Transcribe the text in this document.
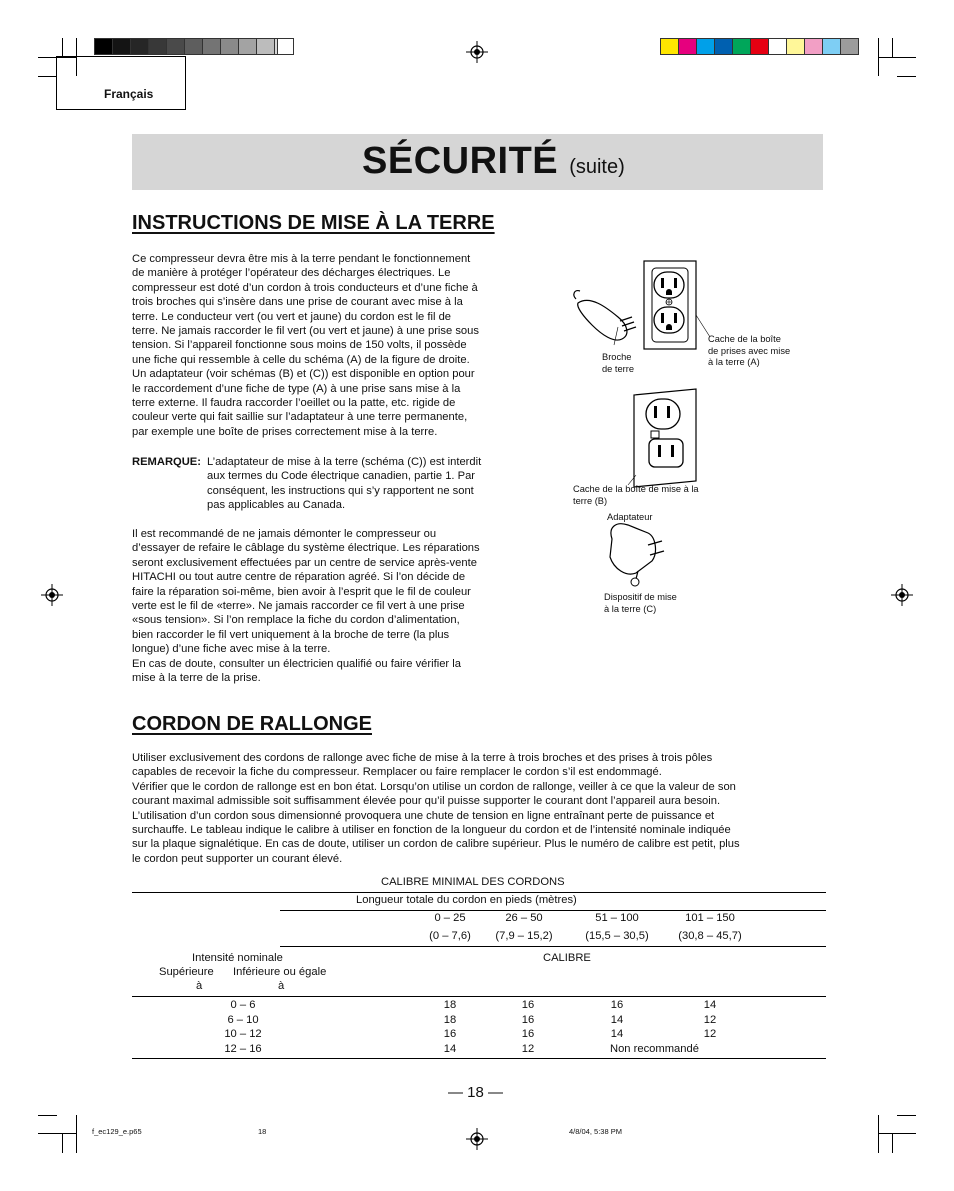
Français
SÉCURITÉ (suite)
INSTRUCTIONS DE MISE À LA TERRE
Ce compresseur devra être mis à la terre pendant le fonctionnement
de manière à protéger l’opérateur des décharges électriques. Le
compresseur est doté d’un cordon à trois conducteurs et d’une fiche à
trois broches qui s’insère dans une prise de courant avec mise à la
terre. Le conducteur vert (ou vert et jaune) du cordon est le fil de
terre. Ne jamais raccorder le fil vert (ou vert et jaune) à une prise sous
tension. Si l’appareil fonctionne sous moins de 150 volts, il possède
une fiche qui ressemble à celle du schéma (A) de la figure de droite.
Un adaptateur (voir schémas (B) et (C)) est disponible en option pour
le raccordement d’une fiche de type (A) à une prise sans mise à la
terre externe. Il faudra raccorder l’oeillet ou la patte, etc. rigide de
couleur verte qui fait saillie sur l’adaptateur à une terre permanente,
par exemple une boîte de prises correctement mise à la terre.
REMARQUE: L’adaptateur de mise à la terre (schéma (C)) est interdit
aux termes du Code électrique canadien, partie 1. Par
conséquent, les instructions qui s’y rapportent ne sont
pas applicables au Canada.
Il est recommandé de ne jamais démonter le compresseur ou
d’essayer de refaire le câblage du système électrique. Les réparations
seront exclusivement effectuées par un centre de service après-vente
HITACHI ou tout autre centre de réparation agréé. Si l’on décide de
faire la réparation soi-même, bien avoir à l’esprit que le fil de couleur
verte est le fil de «terre». Ne jamais raccorder ce fil vert à une prise
«sous tension». Si l’on remplace la fiche du cordon d’alimentation,
bien raccorder le fil vert uniquement à la broche de terre (la plus
longue) d’une fiche avec mise à la terre.
En cas de doute, consulter un électricien qualifié ou faire vérifier la
mise à la terre de la prise.
Broche
de terre
Cache de la boîte
de prises avec mise
à la terre (A)
Cache de la boîte de mise à la
terre (B)
Adaptateur
Dispositif de mise
à la terre (C)
CORDON DE RALLONGE
Utiliser exclusivement des cordons de rallonge avec fiche de mise à la terre à trois broches et des prises à trois pôles
capables de recevoir la fiche du compresseur. Remplacer ou faire remplacer le cordon s’il est endommagé.
Vérifier que le cordon de rallonge est en bon état. Lorsqu’on utilise un cordon de rallonge, veiller à ce que la valeur de son
courant maximal admissible soit suffisamment élevée pour qu’il puisse supporter le courant dont l’appareil aura besoin.
L’utilisation d’un cordon sous dimensionné provoquera une chute de tension en ligne entraînant perte de puissance et
surchauffe. Le tableau indique le calibre à utiliser en fonction de la longueur du cordon et de l’intensité nominale indiquée
sur la plaque signalétique. En cas de doute, utiliser un cordon de calibre supérieur. Plus le numéro de calibre est petit, plus
le cordon peut supporter un courant élevé.
CALIBRE MINIMAL DES CORDONS
Longueur totale du cordon en pieds (mètres)
0 – 25	26 – 50	51 – 100	101 – 150
(0 – 7,6)	(7,9 – 15,2)	(15,5 – 30,5)	(30,8 – 45,7)
Intensité nominale	CALIBRE
Supérieure Inférieure ou égale
à	à
0 – 6	18	16	16	14
6 – 10	18	16	14	12
10 – 12	16	16	14	12
12 – 16	14	12	Non recommandé
— 18 —
f_ec129_e.p65	18	4/8/04, 5:38 PM
